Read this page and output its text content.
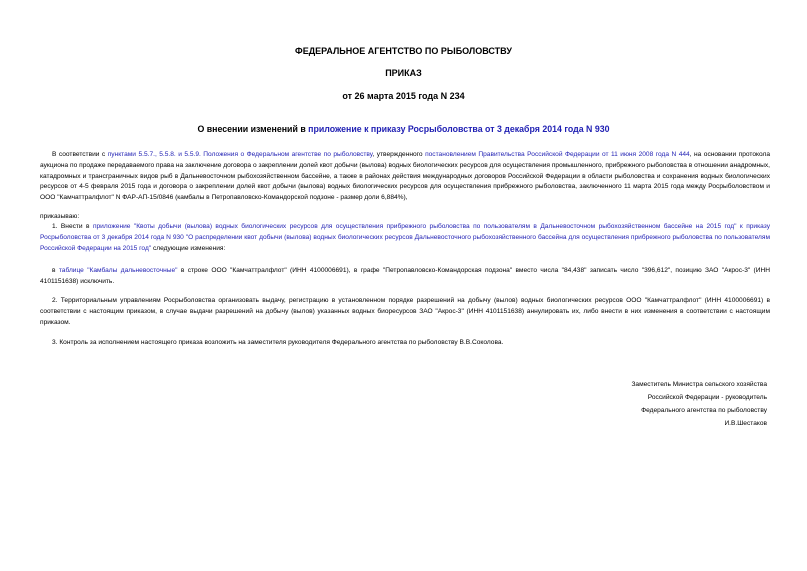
ФЕДЕРАЛЬНОЕ АГЕНТСТВО ПО РЫБОЛОВСТВУ
ПРИКАЗ
от 26 марта 2015 года N 234
О внесении изменений в приложение к приказу Росрыболовства от 3 декабря 2014 года N 930
В соответствии с пунктами 5.5.7., 5.5.8. и 5.5.9. Положения о Федеральном агентстве по рыболовству, утвержденного постановлением Правительства Российской Федерации от 11 июня 2008 года N 444, на основании протокола аукциона по продаже передаваемого права на заключение договора о закреплении долей квот добычи (вылова) водных биологических ресурсов для осуществления промышленного, прибрежного рыболовства в отношении анадромных, катадромных и трансграничных видов рыб в Дальневосточном рыбохозяйственном бассейне, а также в районах действия международных договоров Российской Федерации в области рыболовства и сохранения водных биологических ресурсов от 4-5 февраля 2015 года и договора о закреплении долей квот добычи (вылова) водных биологических ресурсов для осуществления прибрежного рыболовства, заключенного 11 марта 2015 года между Росрыболовством и ООО "Камчаттралфлот" N ФАР-АП-15/0846 (камбалы в Петропавловско-Командорской подзоне - размер доли 6,884%),
приказываю:
1. Внести в приложение "Квоты добычи (вылова) водных биологических ресурсов для осуществления прибрежного рыболовства по пользователям в Дальневосточном рыбохозяйственном бассейне на 2015 год" к приказу Росрыболовства от 3 декабря 2014 года N 930 "О распределении квот добычи (вылова) водных биологических ресурсов Дальневосточного рыбохозяйственного бассейна для осуществления прибрежного рыболовства по пользователям Российской Федерации на 2015 год" следующие изменения:
в таблице "Камбалы дальневосточные" в строке ООО "Камчаттралфлот" (ИНН 4100006691), в графе "Петропавловско-Командорская подзона" вместо числа "84,438" записать число "396,612", позицию ЗАО "Акрос-3" (ИНН 4101151638) исключить.
2. Территориальным управлениям Росрыболовства организовать выдачу, регистрацию в установленном порядке разрешений на добычу (вылов) водных биологических ресурсов ООО "Камчаттралфлот" (ИНН 4100006691) в соответствии с настоящим приказом, в случае выдачи разрешений на добычу (вылов) указанных водных биоресурсов ЗАО "Акрос-3" (ИНН 4101151638) аннулировать их, либо внести в них изменения в соответствии с настоящим приказом.
3. Контроль за исполнением настоящего приказа возложить на заместителя руководителя Федерального агентства по рыболовству В.В.Соколова.
Заместитель Министра сельского хозяйства
Российской Федерации - руководитель
Федерального агентства по рыболовству
И.В.Шестаков
